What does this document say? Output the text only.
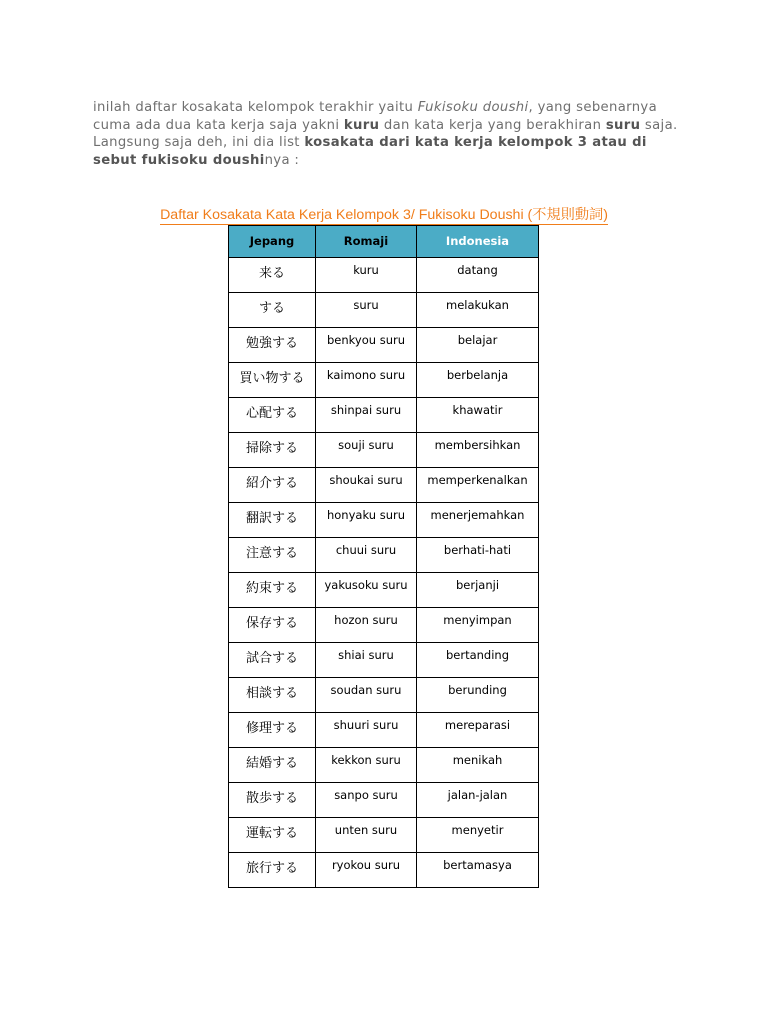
inilah daftar kosakata kelompok terakhir yaitu Fukisoku doushi, yang sebenarnya cuma ada dua kata kerja saja yakni kuru dan kata kerja yang berakhiran suru saja. Langsung saja deh, ini dia list kosakata dari kata kerja kelompok 3 atau di sebut fukisoku doushinya :

Daftar Kosakata Kata Kerja Kelompok 3/ Fukisoku Doushi (不規則動詞)
Jepang	Romaji	Indonesia
来る	kuru	datang
する	suru	melakukan
勉強する	benkyou suru	belajar
買い物する	kaimono suru	berbelanja
心配する	shinpai suru	khawatir
掃除する	souji suru	membersihkan
紹介する	shoukai suru	memperkenalkan
翻訳する	honyaku suru	menerjemahkan
注意する	chuui suru	berhati-hati
約束する	yakusoku suru	berjanji
保存する	hozon suru	menyimpan
試合する	shiai suru	bertanding
相談する	soudan suru	berunding
修理する	shuuri suru	mereparasi
結婚する	kekkon suru	menikah
散歩する	sanpo suru	jalan-jalan
運転する	unten suru	menyetir
旅行する	ryokou suru	bertamasya
